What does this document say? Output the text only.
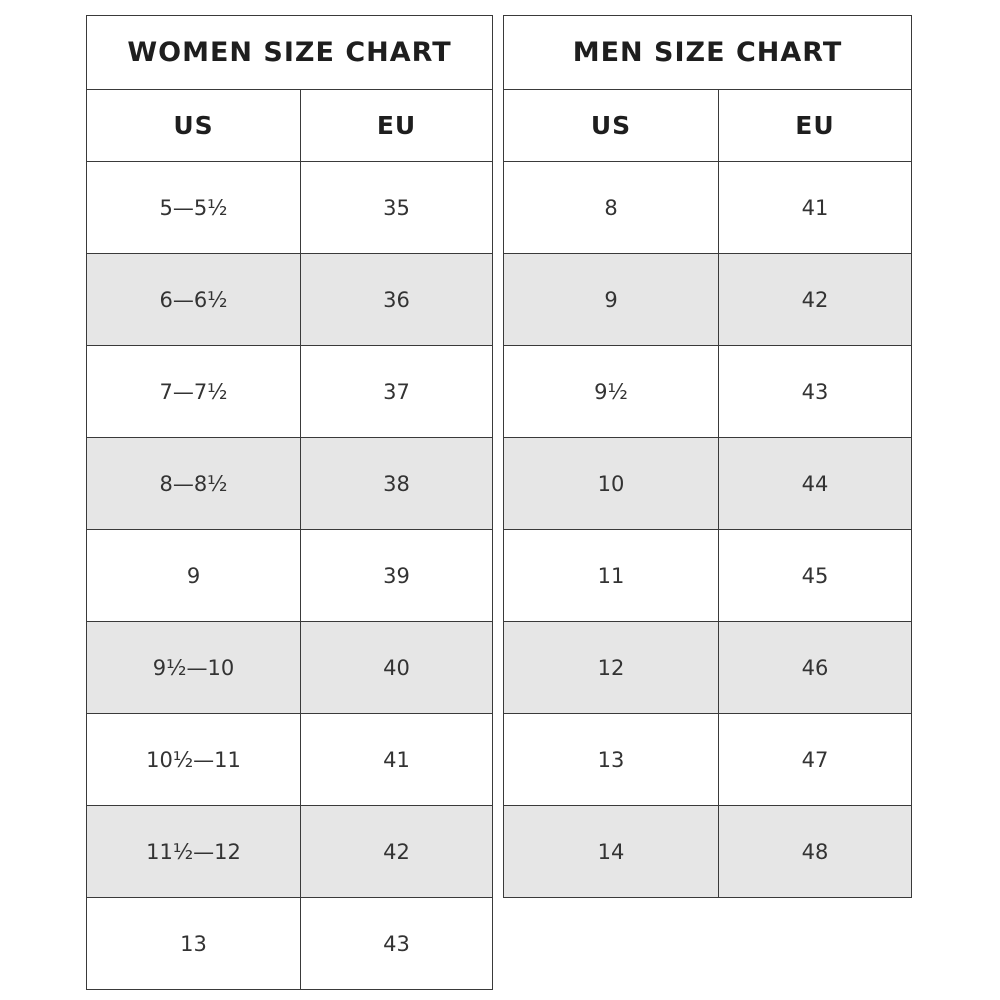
WOMEN SIZE CHART	
US	EU
5—5½	35
6—6½	36
7—7½	37
8—8½	38
9	39
9½—10	40
10½—11	41
11½—12	42
13	43
MEN SIZE CHART	
US	EU
8	41
9	42
9½	43
10	44
11	45
12	46
13	47
14	48
